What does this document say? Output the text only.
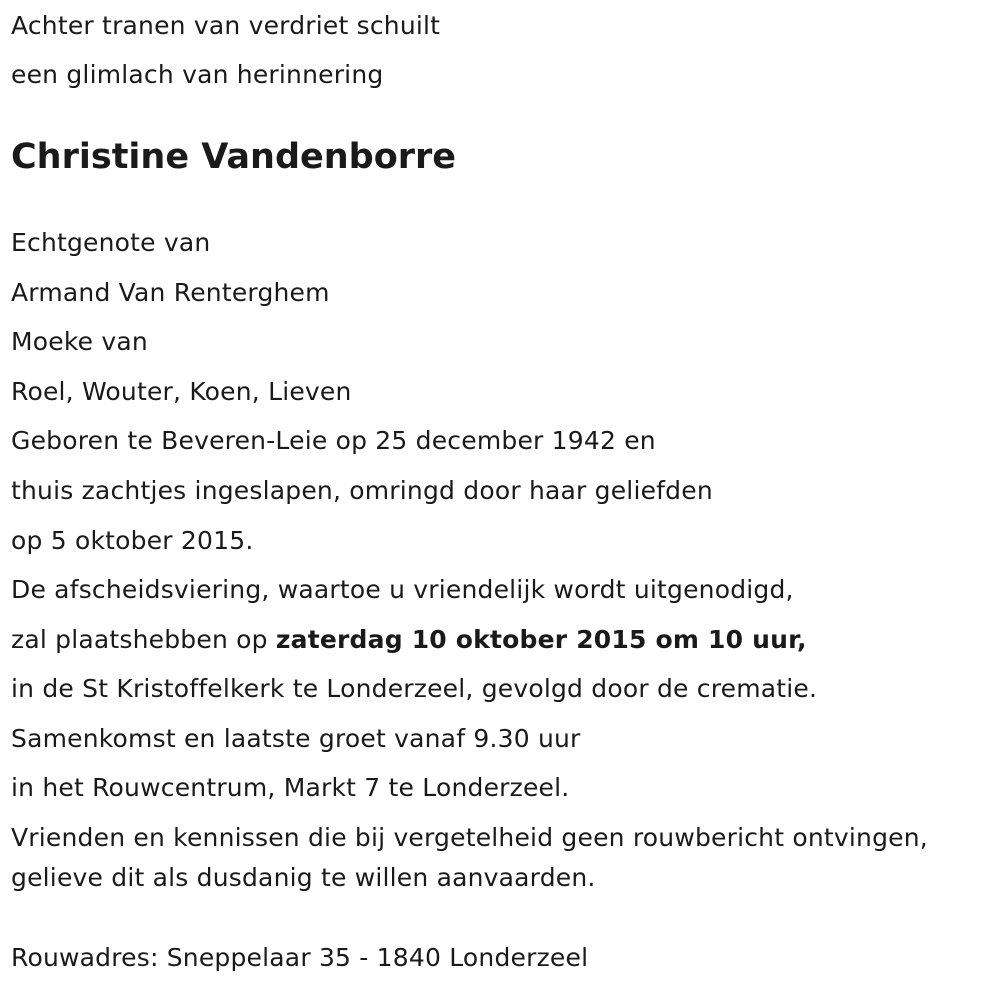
Achter tranen van verdriet schuilt
een glimlach van herinnering
Christine Vandenborre
Echtgenote van
Armand Van Renterghem
Moeke van
Roel, Wouter, Koen, Lieven
Geboren te Beveren-Leie op 25 december 1942 en
thuis zachtjes ingeslapen, omringd door haar geliefden
op 5 oktober 2015.
De afscheidsviering, waartoe u vriendelijk wordt uitgenodigd,
zal plaatshebben op zaterdag 10 oktober 2015 om 10 uur,
in de St Kristoffelkerk te Londerzeel, gevolgd door de crematie.
Samenkomst en laatste groet vanaf 9.30 uur
in het Rouwcentrum, Markt 7 te Londerzeel.
Vrienden en kennissen die bij vergetelheid geen rouwbericht ontvingen,
gelieve dit als dusdanig te willen aanvaarden.
Rouwadres: Sneppelaar 35 - 1840 Londerzeel
